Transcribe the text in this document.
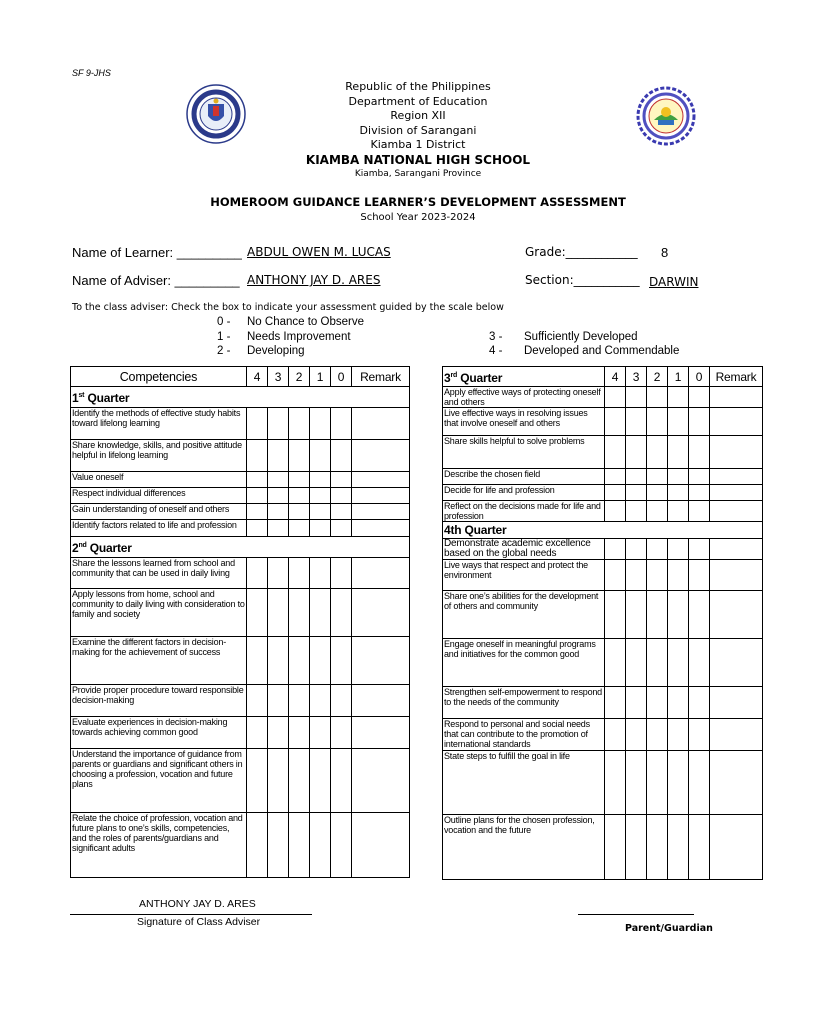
SF 9-JHS
Republic of the Philippines
Department of Education
Region XII
Division of Sarangani
Kiamba 1 District
KIAMBA NATIONAL HIGH SCHOOL
Kiamba, Sarangani Province
HOMEROOM GUIDANCE LEARNER’S DEVELOPMENT ASSESSMENT
School Year 2023-2024
Name of Learner: _________ ABDUL OWEN M. LUCAS
Name of Adviser: _________ ANTHONY JAY D. ARES
Grade:____________ 8
Section:___________ DARWIN
To the class adviser: Check the box to indicate your assessment guided by the scale below
0 - No Chance to Observe
1 - Needs Improvement
2 - Developing
3 - Sufficiently Developed
4 - Developed and Commendable
Competencies	4	3	2	1	0	Remark
1st Quarter						
Identify the methods of effective study habits toward lifelong learning						
Share knowledge, skills, and positive attitude helpful in lifelong learning						
Value oneself						
Respect individual differences						
Gain understanding of oneself and others						
Identify factors related to life and profession						
2nd Quarter						
Share the lessons learned from school and community that can be used in daily living						
Apply lessons from home, school and community to daily living with consideration to family and society						
Examine the different factors in decision-making for the achievement of success						
Provide proper procedure toward responsible decision-making						
Evaluate experiences in decision-making towards achieving common good						
Understand the importance of guidance from parents or guardians and significant others in choosing a profession, vocation and future plans						
Relate the choice of profession, vocation and future plans to one’s skills, competencies, and the roles of parents/guardians and significant adults						
3rd Quarter	4	3	2	1	0	Remark
Apply effective ways of protecting oneself and others						
Live effective ways in resolving issues that involve oneself and others						
Share skills helpful to solve problems						
Describe the chosen field						
Decide for life and profession						
Reflect on the decisions made for life and profession						
4th Quarter						
Demonstrate academic excellence based on the global needs						
Live ways that respect and protect the environment						
Share one’s abilities for the development of others and community						
Engage oneself in meaningful programs and initiatives for the common good						
Strengthen self-empowerment to respond to the needs of the community						
Respond to personal and social needs that can contribute to the promotion of international standards						
State steps to fulfill the goal in life						
Outline plans for the chosen profession, vocation and the future						
ANTHONY JAY D. ARES
Signature of Class Adviser
Parent/Guardian
